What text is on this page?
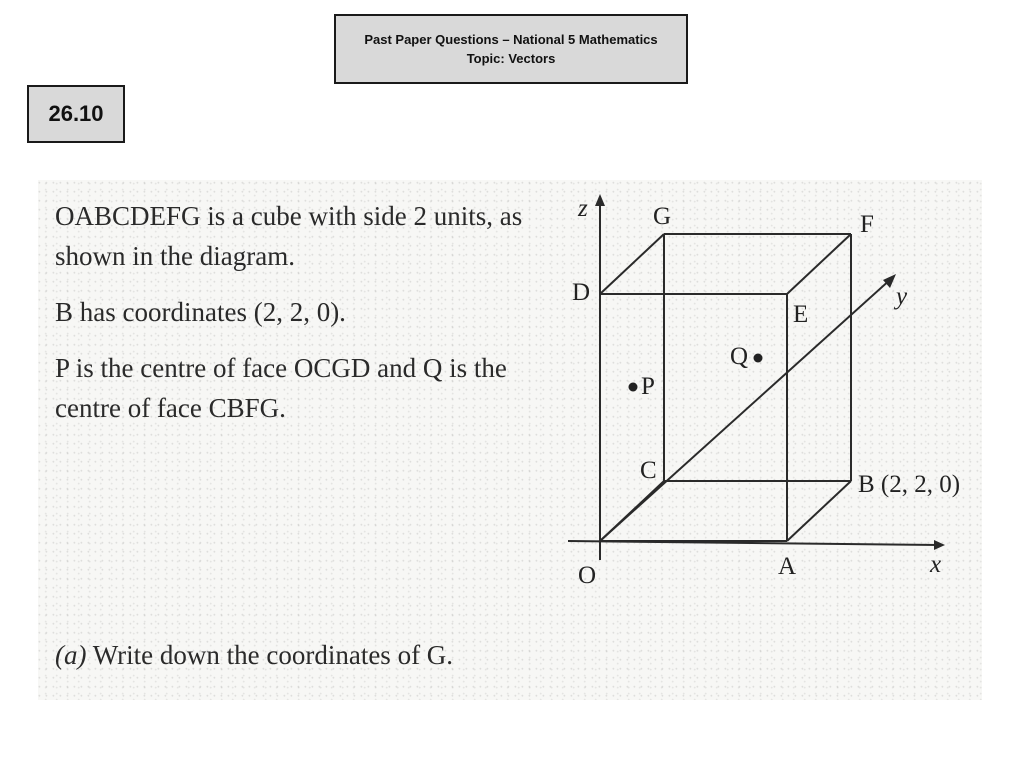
Past Paper Questions – National 5 Mathematics
Topic: Vectors
26.10

OABCDEFG is a cube with side 2 units, as shown in the diagram.

B has coordinates (2, 2, 0).

P is the centre of face OCGD and Q is the centre of face CBFG.

(a) Write down the coordinates of G.
O	A
B (2, 2, 0)
C
D
E
F
G
P
Q
x
y
z
